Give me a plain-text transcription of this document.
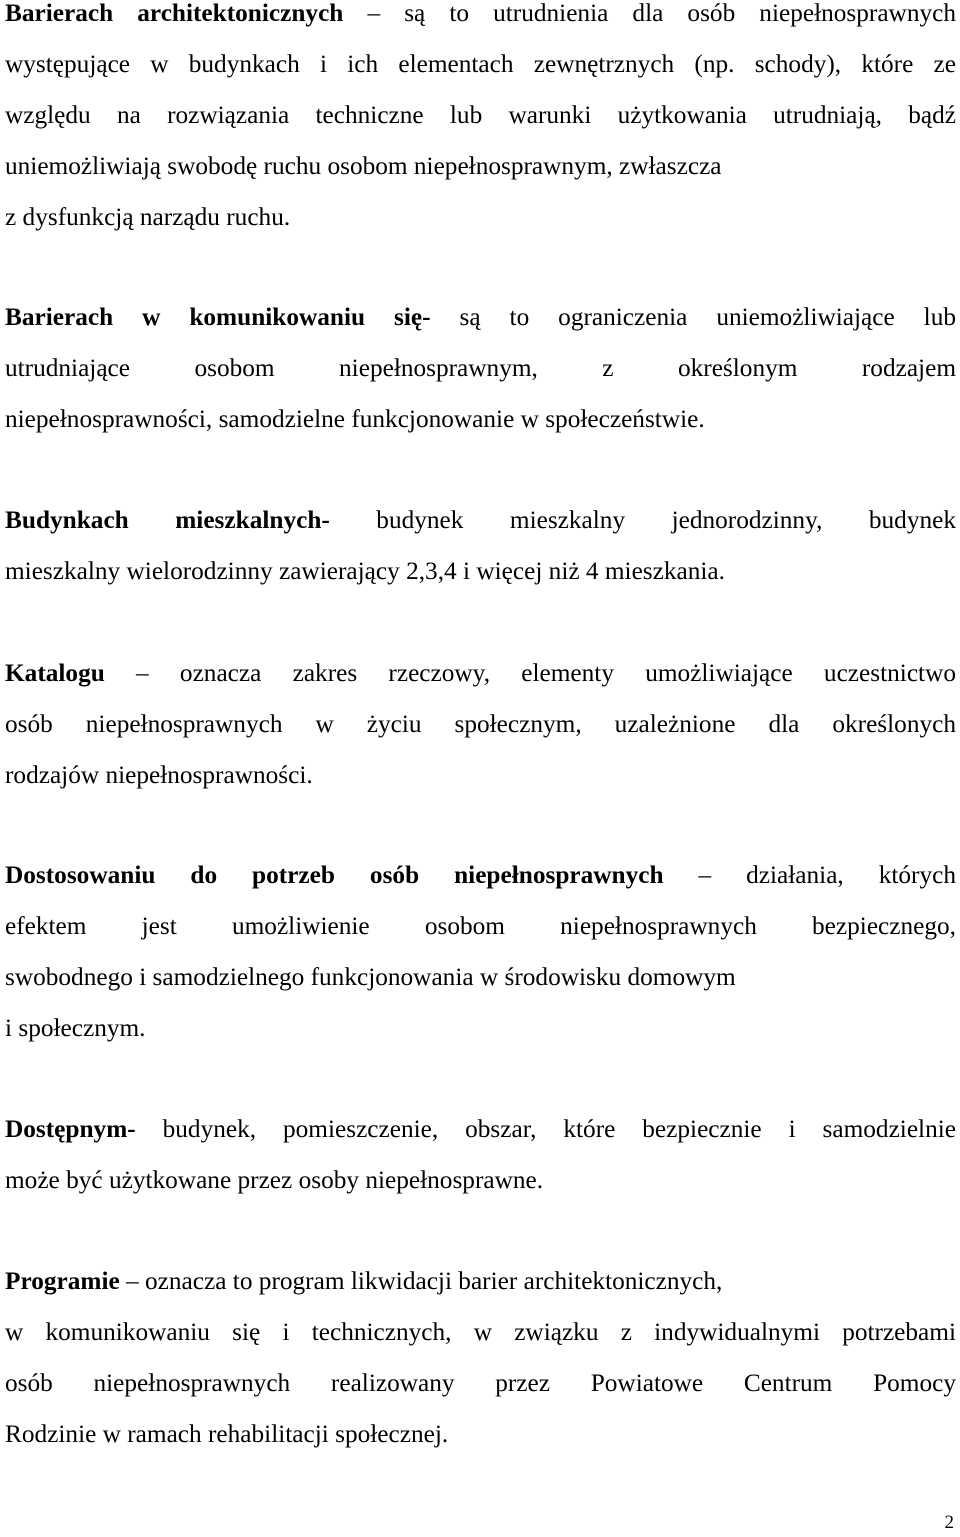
Barierach architektonicznych – są to utrudnienia dla osób niepełnosprawnych
występujące w budynkach i ich elementach zewnętrznych (np. schody), które ze
względu na rozwiązania techniczne lub warunki użytkowania utrudniają, bądź
uniemożliwiają swobodę ruchu osobom niepełnosprawnym, zwłaszcza
z dysfunkcją narządu ruchu.

Barierach w komunikowaniu się- są to ograniczenia uniemożliwiające lub
utrudniające osobom niepełnosprawnym, z określonym rodzajem
niepełnosprawności, samodzielne funkcjonowanie w społeczeństwie.

Budynkach mieszkalnych- budynek mieszkalny jednorodzinny, budynek
mieszkalny wielorodzinny zawierający 2,3,4 i więcej niż 4 mieszkania.

Katalogu – oznacza zakres rzeczowy, elementy umożliwiające uczestnictwo
osób niepełnosprawnych w życiu społecznym, uzależnione dla określonych
rodzajów niepełnosprawności.

Dostosowaniu do potrzeb osób niepełnosprawnych – działania, których
efektem jest umożliwienie osobom niepełnosprawnych bezpiecznego,
swobodnego i samodzielnego funkcjonowania w środowisku domowym
i społecznym.

Dostępnym- budynek, pomieszczenie, obszar, które bezpiecznie i samodzielnie
może być użytkowane przez osoby niepełnosprawne.

Programie – oznacza to program likwidacji barier architektonicznych,
w komunikowaniu się i technicznych, w związku z indywidualnymi potrzebami
osób niepełnosprawnych realizowany przez Powiatowe Centrum Pomocy
Rodzinie w ramach rehabilitacji społecznej.

2
